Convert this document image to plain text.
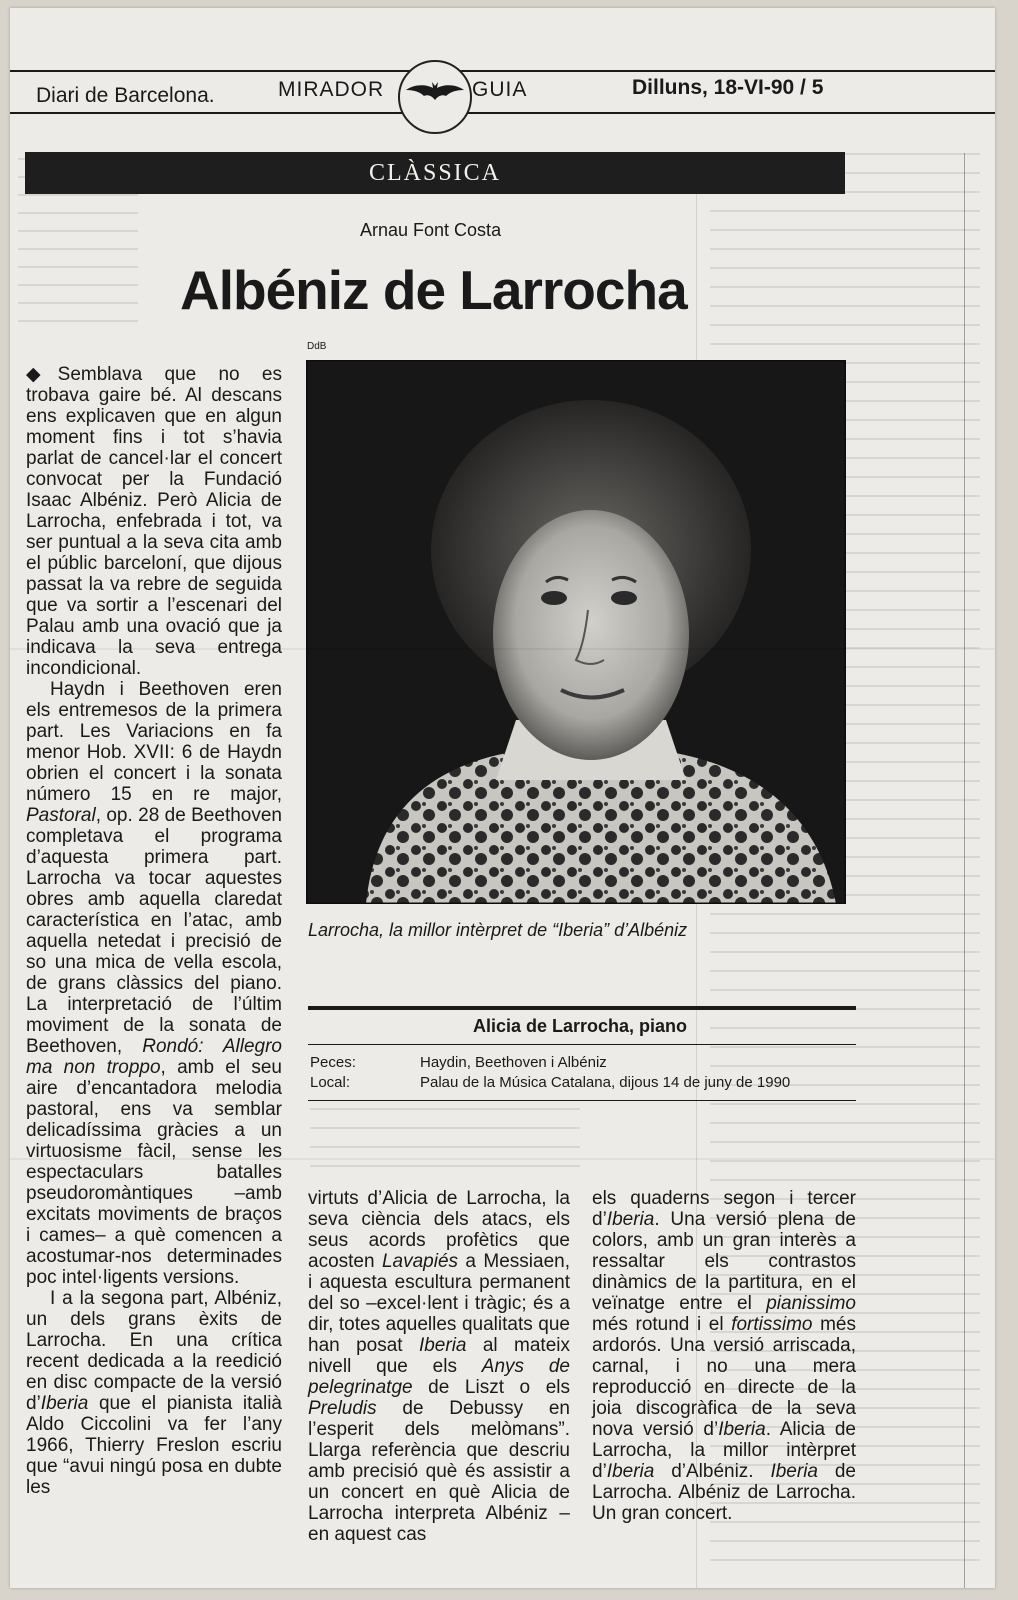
Diari de Barcelona.	MIRADOR	GUIA	Dilluns, 18-VI-90 / 5
CLÀSSICA
Arnau Font Costa
Albéniz de Larrocha
DdB
Larrocha, la millor intèrpret de “Iberia” d’Albéniz
Alicia de Larrocha, piano
Peces:	Haydin, Beethoven i Albéniz
Local:	Palau de la Música Catalana, dijous 14 de juny de 1990

◆Semblava que no es trobava gaire bé. Al descans ens explicaven que en algun moment fins i tot s’havia parlat de cancel·lar el concert convocat per la Fundació Isaac Albéniz. Però Alicia de Larrocha, enfebrada i tot, va ser puntual a la seva cita amb el públic barceloní, que dijous passat la va rebre de seguida que va sortir a l’escenari del Palau amb una ovació que ja indicava la seva entrega incondicional.

Haydn i Beethoven eren els entremesos de la primera part. Les Variacions en fa menor Hob. XVII: 6 de Haydn obrien el concert i la sonata número 15 en re major, Pastoral, op. 28 de Beethoven completava el programa d’aquesta primera part. Larrocha va tocar aquestes obres amb aquella claredat característica en l’atac, amb aquella netedat i precisió de so una mica de vella escola, de grans clàssics del piano. La interpretació de l’últim moviment de la sonata de Beethoven, Rondó: Allegro ma non troppo, amb el seu aire d’encantadora melodia pastoral, ens va semblar delicadíssima gràcies a un virtuosisme fàcil, sense les espectaculars batalles pseudoromàntiques –amb excitats moviments de braços i cames– a què comencen a acostumar-nos determinades poc intel·ligents versions.

I a la segona part, Albéniz, un dels grans èxits de Larrocha. En una crítica recent dedicada a la reedició en disc compacte de la versió d’Iberia que el pianista italià Aldo Ciccolini va fer l’any 1966, Thierry Freslon escriu que “avui ningú posa en dubte les

virtuts d’Alicia de Larrocha, la seva ciència dels atacs, els seus acords profètics que acosten Lavapiés a Messiaen, i aquesta escultura permanent del so –excel·lent i tràgic; és a dir, totes aquelles qualitats que han posat Iberia al mateix nivell que els Anys de pelegrinatge de Liszt o els Preludis de Debussy en l’esperit dels melòmans”. Llarga referència que descriu amb precisió què és assistir a un concert en què Alicia de Larrocha interpreta Albéniz –en aquest cas

els quaderns segon i tercer d’Iberia. Una versió plena de colors, amb un gran interès a ressaltar els contrastos dinàmics de la partitura, en el veïnatge entre el pianissimo més rotund i el fortissimo més ardorós. Una versió arriscada, carnal, i no una mera reproducció en directe de la joia discogràfica de la seva nova versió d’Iberia. Alicia de Larrocha, la millor intèrpret d’Iberia d’Albéniz. Iberia de Larrocha. Albéniz de Larrocha. Un gran concert.
